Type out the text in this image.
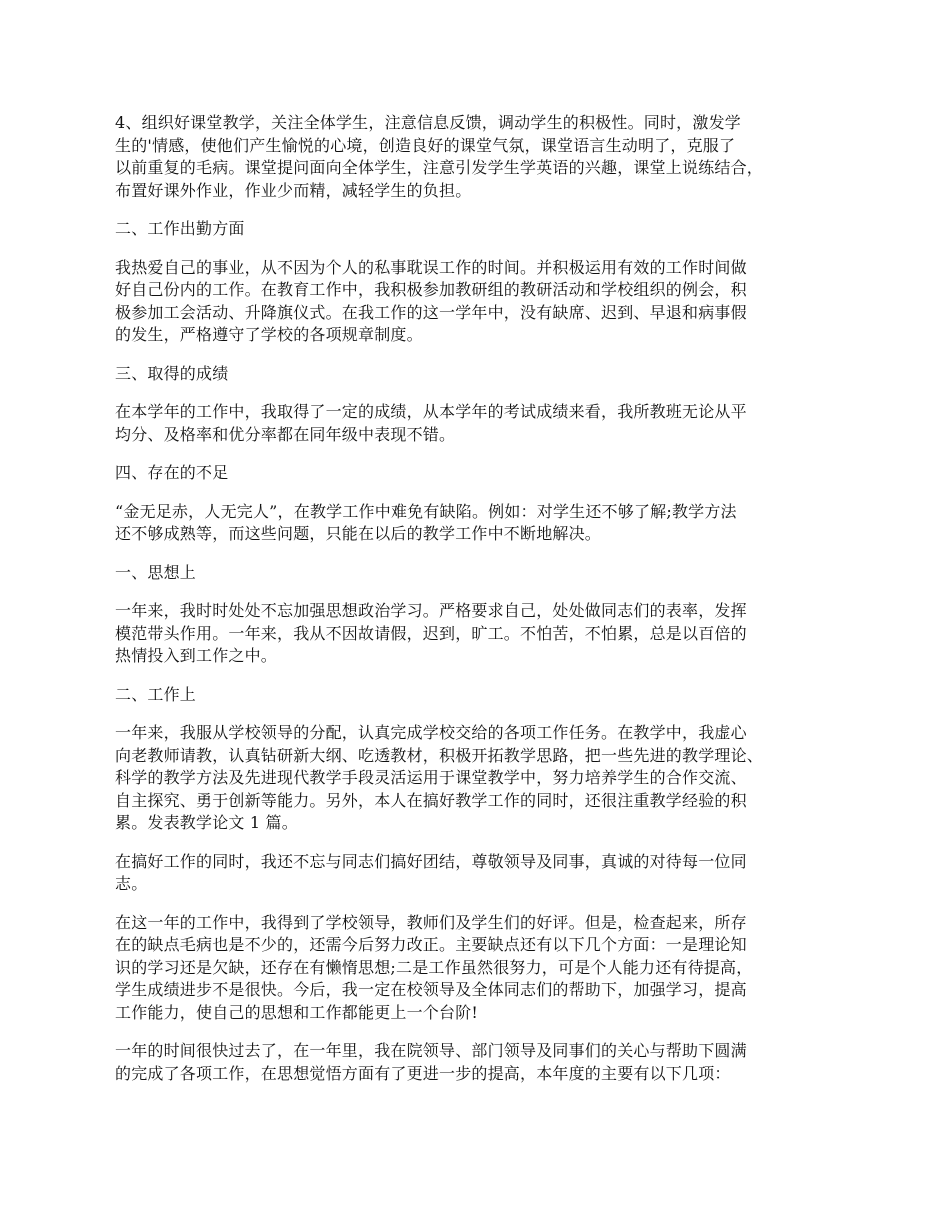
4、组织好课堂教学，关注全体学生，注意信息反馈，调动学生的积极性。同时，激发学
生的'情感，使他们产生愉悦的心境，创造良好的课堂气氛，课堂语言生动明了，克服了
以前重复的毛病。课堂提问面向全体学生，注意引发学生学英语的兴趣，课堂上说练结合，
布置好课外作业，作业少而精，减轻学生的负担。

二、工作出勤方面

我热爱自己的事业，从不因为个人的私事耽误工作的时间。并积极运用有效的工作时间做
好自己份内的工作。在教育工作中，我积极参加教研组的教研活动和学校组织的例会，积
极参加工会活动、升降旗仪式。在我工作的这一学年中，没有缺席、迟到、早退和病事假
的发生，严格遵守了学校的各项规章制度。

三、取得的成绩

在本学年的工作中，我取得了一定的成绩，从本学年的考试成绩来看，我所教班无论从平
均分、及格率和优分率都在同年级中表现不错。

四、存在的不足

“金无足赤，人无完人”，在教学工作中难免有缺陷。例如：对学生还不够了解;教学方法
还不够成熟等，而这些问题，只能在以后的教学工作中不断地解决。

一、思想上

一年来，我时时处处不忘加强思想政治学习。严格要求自己，处处做同志们的表率，发挥
模范带头作用。一年来，我从不因故请假，迟到，旷工。不怕苦，不怕累，总是以百倍的
热情投入到工作之中。

二、工作上

一年来，我服从学校领导的分配，认真完成学校交给的各项工作任务。在教学中，我虚心
向老教师请教，认真钻研新大纲、吃透教材，积极开拓教学思路，把一些先进的教学理论、
科学的教学方法及先进现代教学手段灵活运用于课堂教学中，努力培养学生的合作交流、
自主探究、勇于创新等能力。另外，本人在搞好教学工作的同时，还很注重教学经验的积
累。发表教学论文 1 篇。

在搞好工作的同时，我还不忘与同志们搞好团结，尊敬领导及同事，真诚的对待每一位同
志。

在这一年的工作中，我得到了学校领导，教师们及学生们的好评。但是，检查起来，所存
在的缺点毛病也是不少的，还需今后努力改正。主要缺点还有以下几个方面：一是理论知
识的学习还是欠缺，还存在有懒惰思想;二是工作虽然很努力，可是个人能力还有待提高，
学生成绩进步不是很快。今后，我一定在校领导及全体同志们的帮助下，加强学习，提高
工作能力，使自己的思想和工作都能更上一个台阶!

一年的时间很快过去了，在一年里，我在院领导、部门领导及同事们的关心与帮助下圆满
的完成了各项工作，在思想觉悟方面有了更进一步的提高，本年度的主要有以下几项：
